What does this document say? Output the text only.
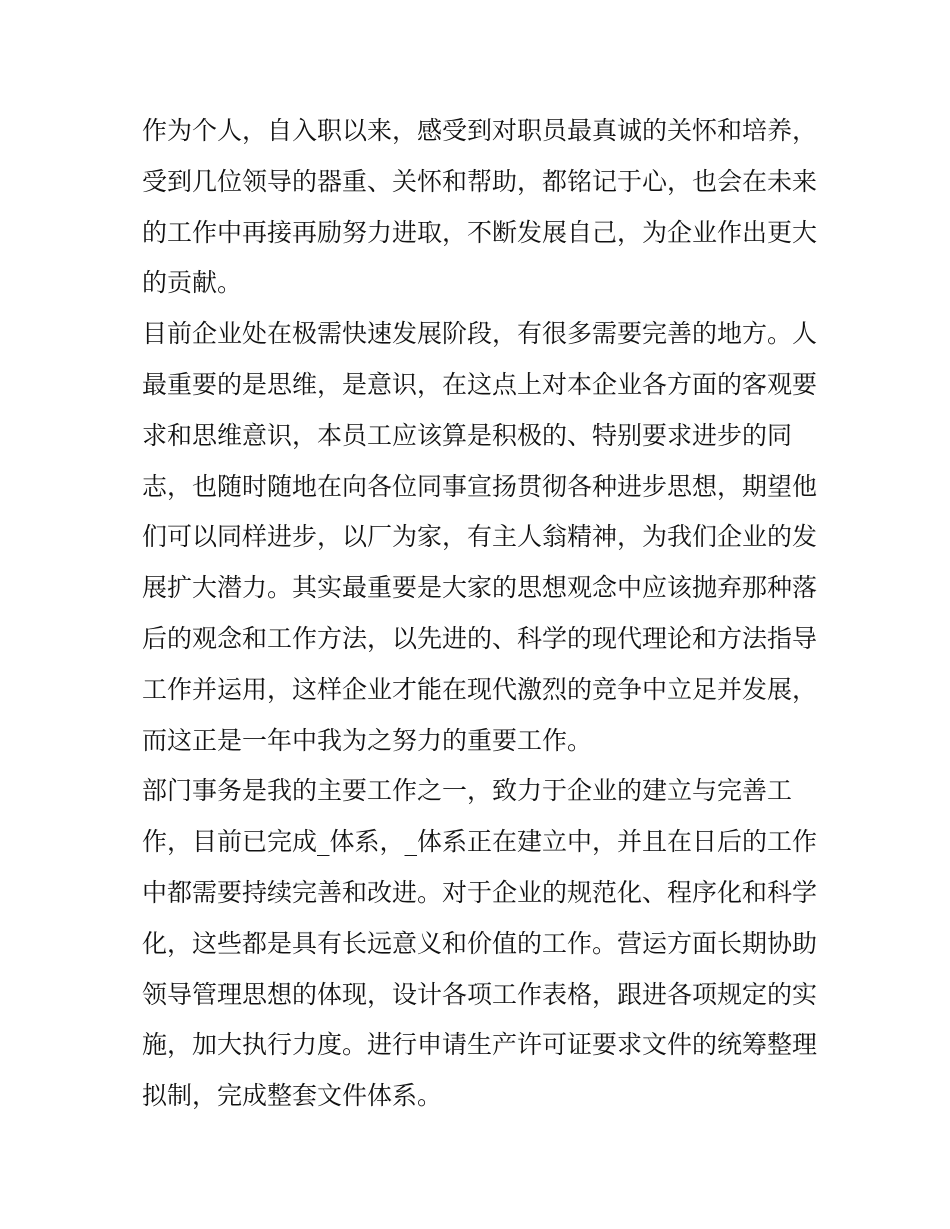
作为个人，自入职以来，感受到对职员最真诚的关怀和培养，
受到几位领导的器重、关怀和帮助，都铭记于心，也会在未来
的工作中再接再励努力进取，不断发展自己，为企业作出更大
的贡献。
目前企业处在极需快速发展阶段，有很多需要完善的地方。人
最重要的是思维，是意识，在这点上对本企业各方面的客观要
求和思维意识，本员工应该算是积极的、特别要求进步的同
志，也随时随地在向各位同事宣扬贯彻各种进步思想，期望他
们可以同样进步，以厂为家，有主人翁精神，为我们企业的发
展扩大潜力。其实最重要是大家的思想观念中应该抛弃那种落
后的观念和工作方法，以先进的、科学的现代理论和方法指导
工作并运用，这样企业才能在现代激烈的竞争中立足并发展，
而这正是一年中我为之努力的重要工作。
部门事务是我的主要工作之一，致力于企业的建立与完善工
作，目前已完成_体系，_体系正在建立中，并且在日后的工作
中都需要持续完善和改进。对于企业的规范化、程序化和科学
化，这些都是具有长远意义和价值的工作。营运方面长期协助
领导管理思想的体现，设计各项工作表格，跟进各项规定的实
施，加大执行力度。进行申请生产许可证要求文件的统筹整理
拟制，完成整套文件体系。
